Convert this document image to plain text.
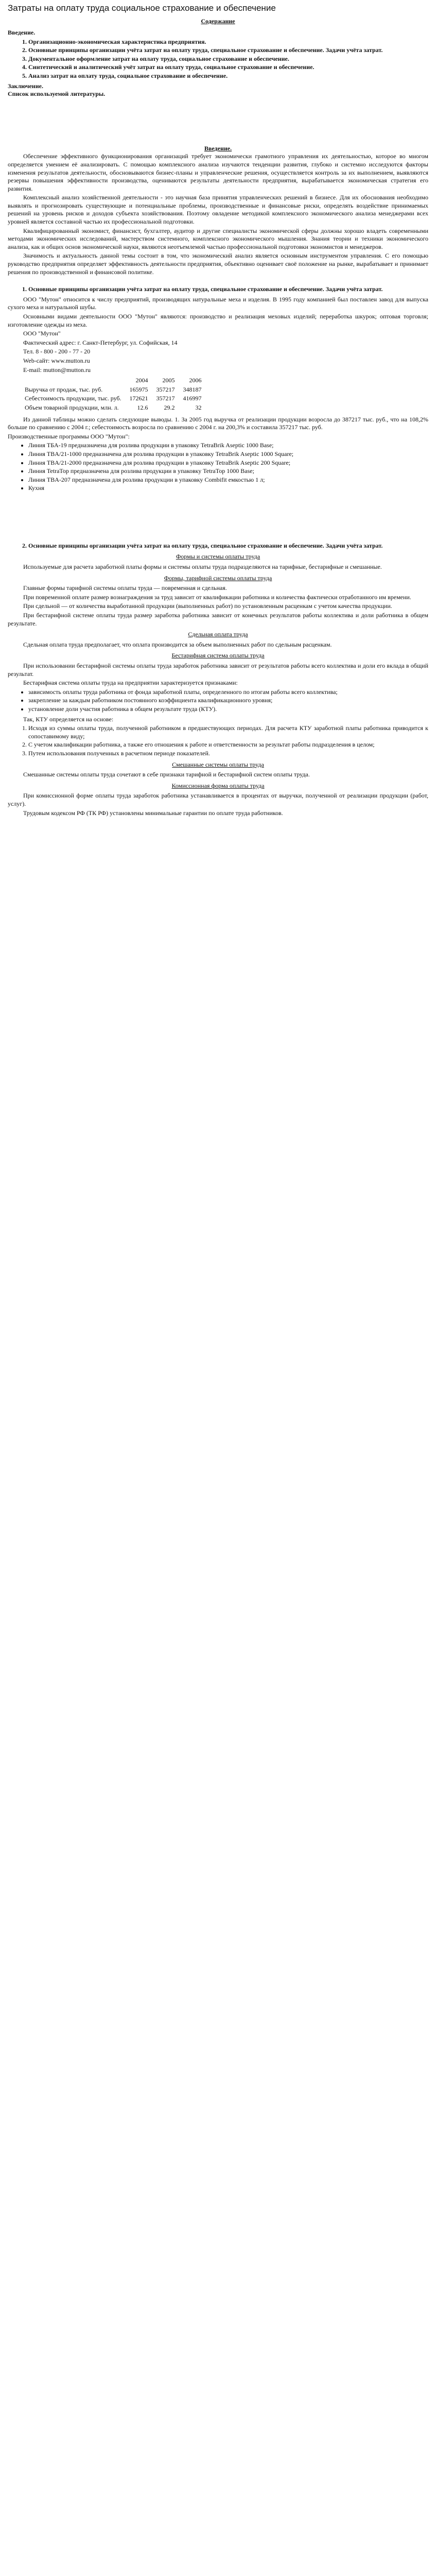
Затраты на оплату труда социальное страхование и обеспечение
Содержание
Введение.
1. Организационно-экономическая характеристика предприятия.
2. Основные принципы организации учёта затрат на оплату труда, специальное страхование и обеспечение. Задачи учёта затрат.
3. Документальное оформление затрат на оплату труда, социальное страхование и обеспечение.
4. Синтетический и аналитический учёт затрат на оплату труда, социальное страхование и обеспечение.
5. Анализ затрат на оплату труда, социальное страхование и обеспечение.
Заключение.
Список используемой литературы.
Введение.

Обеспечение эффективного функционирования организаций требует экономически грамотного управления их деятельностью, которое во многом определяется умением её анализировать. С помощью комплексного анализа изучаются тенденции развития, глубоко и системно исследуются факторы изменения результатов деятельности, обосновываются бизнес-планы и управленческие решения, осуществляется контроль за их выполнением, выявляются резервы повышения эффективности производства, оцениваются результаты деятельности предприятия, вырабатывается экономическая стратегия его развития.

Комплексный анализ хозяйственной деятельности - это научная база принятия управленческих решений в бизнесе. Для их обоснования необходимо выявлять и прогнозировать существующие и потенциальные проблемы, производственные и финансовые риски, определять воздействие принимаемых решений на уровень рисков и доходов субъекта хозяйствования. Поэтому овладение методикой комплексного экономического анализа менеджерами всех уровней является составной частью их профессиональной подготовки.

Квалифицированный экономист, финансист, бухгалтер, аудитор и другие специалисты экономической сферы должны хорошо владеть современными методами экономических исследований, мастерством системного, комплексного экономического мышления. Знания теории и техники экономического анализа, как и общих основ экономической науки, являются неотъемлемой частью профессиональной подготовки экономистов и менеджеров.

Значимость и актуальность данной темы состоит в том, что экономический анализ является основным инструментом управления. С его помощью руководство предприятия определяет эффективность деятельности предприятия, объективно оценивает своё положение на рынке, вырабатывает и принимает решения по производственной и финансовой политике.

1. Основные принципы организации учёта затрат на оплату труда, специальное страхование и обеспечение. Задачи учёта затрат.

ООО "Мутон" относится к числу предприятий, производящих натуральные меха и изделия. В 1995 году компанией был поставлен завод для выпуска сухого меха и натуральной шубы.

Основными видами деятельности ООО "Мутон" являются: производство и реализация меховых изделий; переработка шкурок; оптовая торговля; изготовление одежды из меха.

ООО "Мутон"

Фактический адрес: г. Санкт-Петербург, ул. Софийская, 14

Тел. 8 - 800 - 200 - 77 - 20

Web-сайт: www.mutton.ru

E-mail: mutton@mutton.ru

	2004	2005	2006
Выручка от продаж, тыс. руб.	165975	357217	348187
Себестоимость продукции, тыс. руб.	172621	357217	416997
Объем товарной продукции, млн. л.	12.6	29.2	32

Из данной таблицы можно сделать следующие выводы. 1. За 2005 год выручка от реализации продукции возросла до 387217 тыс. руб., что на 108,2% больше по сравнению с 2004 г.; себестоимость возросла по сравнению с 2004 г. на 200,3% и составила 357217 тыс. руб.

Производственные программы ООО "Мутон":

• Линия ТБА-19 предназначена для розлива продукции в упаковку TetraBrik Aseptic 1000 Base;
• Линия TBA/21-1000 предназначена для розлива продукции в упаковку TetraBrik Aseptic 1000 Square;
• Линия TBA/21-2000 предназначена для розлива продукции в упаковку TetraBrik Aseptic 200 Square;
• Линия TetraTop предназначена для розлива продукции в упаковку TetraTop 1000 Base;
• Линия TBA-207 предназначена для розлива продукции в упаковку Combifit емкостью 1 л;
• Кухня
2. Основные принципы организации учёта затрат на оплату труда, специальное страхование и обеспечение. Задачи учёта затрат.
Формы и системы оплаты труда

Используемые для расчета заработной платы формы и системы оплаты труда подразделяются на тарифные, бестарифные и смешанные.

Формы, тарифной системы оплаты труда

Главные формы тарифной системы оплаты труда — повременная и сдельная.

При повременной оплате размер вознаграждения за труд зависит от квалификации работника и количества фактически отработанного им времени.

При сдельной — от количества выработанной продукции (выполненных работ) по установленным расценкам с учетом качества продукции.

При бестарифной системе оплаты труда размер заработка работника зависит от конечных результатов работы коллектива и доли работника в общем результате.

Сдельная оплата труда

Сдельная оплата труда предполагает, что оплата производится за объем выполненных работ по сдельным расценкам.

Бестарифная система оплаты труда

При использовании бестарифной системы оплаты труда заработок работника зависит от результатов работы всего коллектива и доли его вклада в общий результат.

Бестарифная система оплаты труда на предприятии характеризуется признаками:

• зависимость оплаты труда работника от фонда заработной платы, определенного по итогам работы всего коллектива;
• закрепление за каждым работником постоянного коэффициента квалификационного уровня;
• установление доли участия работника в общем результате труда (КТУ).

Так, КТУ определяется на основе:

1. Исходя из суммы оплаты труда, полученной работником в предшествующих периодах. Для расчета КТУ заработной платы работника приводится к сопоставимому виду;
2. С учетом квалификации работника, а также его отношения к работе и ответственности за результат работы подразделения в целом;
3. Путем использования полученных в расчетном периоде показателей.
Смешанные системы оплаты труда

Смешанные системы оплаты труда сочетают в себе признаки тарифной и бестарифной систем оплаты труда.

Комиссионная форма оплаты труда

При комиссионной форме оплаты труда заработок работника устанавливается в процентах от выручки, полученной от реализации продукции (работ, услуг).

Трудовым кодексом РФ (ТК РФ) установлены минимальные гарантии по оплате труда работников.
